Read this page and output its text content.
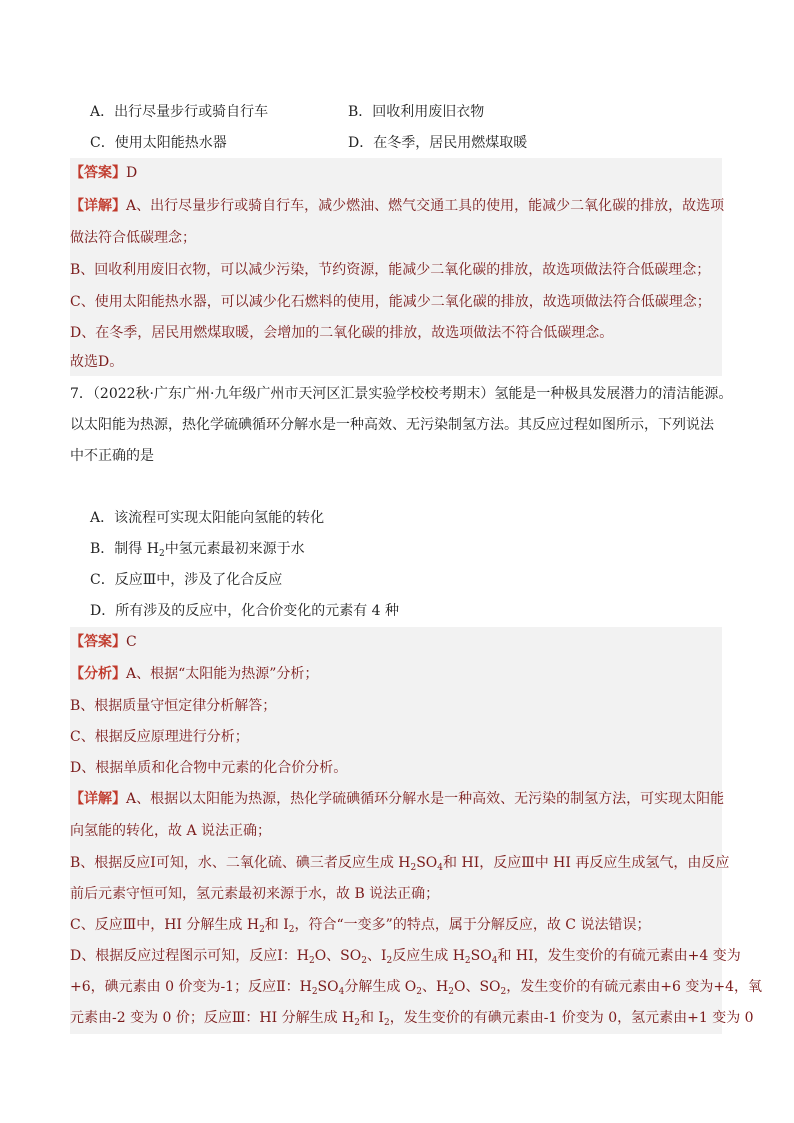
A．出行尽量步行或骑自行车	B．回收利用废旧衣物
C．使用太阳能热水器	D．在冬季，居民用燃煤取暖
【答案】D
【详解】A、出行尽量步行或骑自行车，减少燃油、燃气交通工具的使用，能减少二氧化碳的排放，故选项
做法符合低碳理念；
B、回收利用废旧衣物，可以减少污染，节约资源，能减少二氧化碳的排放，故选项做法符合低碳理念；
C、使用太阳能热水器，可以减少化石燃料的使用，能减少二氧化碳的排放，故选项做法符合低碳理念；
D、在冬季，居民用燃煤取暖，会增加的二氧化碳的排放，故选项做法不符合低碳理念。
故选D。
7．（2022秋·广东广州·九年级广州市天河区汇景实验学校校考期末）氢能是一种极具发展潜力的清洁能源。
以太阳能为热源，热化学硫碘循环分解水是一种高效、无污染制氢方法。其反应过程如图所示，下列说法
中不正确的是
A．该流程可实现太阳能向氢能的转化
B．制得 $H_2$中氢元素最初来源于水
C．反应Ⅲ中，涉及了化合反应
D．所有涉及的反应中，化合价变化的元素有 4 种
【答案】C
【分析】A、根据“太阳能为热源”分析；
B、根据质量守恒定律分析解答；
C、根据反应原理进行分析；
D、根据单质和化合物中元素的化合价分析。
【详解】A、根据以太阳能为热源，热化学硫碘循环分解水是一种高效、无污染的制氢方法，可实现太阳能
向氢能的转化，故 A 说法正确；
B、根据反应Ⅰ可知，水、二氧化硫、碘三者反应生成 $H_2SO_4$和 HI，反应Ⅲ中 HI 再反应生成氢气，由反应
前后元素守恒可知，氢元素最初来源于水，故 B 说法正确；
C、反应Ⅲ中，HI 分解生成 $H_2$和 $I_2$，符合“一变多”的特点，属于分解反应，故 C 说法错误；
D、根据反应过程图示可知，反应Ⅰ：$H_2O$、$SO_2$、$I_2$反应生成 $H_2SO_4$和 HI，发生变价的有硫元素由+4 变为
+6，碘元素由 0 价变为-1；反应Ⅱ：$H_2SO_4$分解生成 $O_2$、$H_2O$、$SO_2$，发生变价的有硫元素由+6 变为+4，氧
元素由-2 变为 0 价；反应Ⅲ：HI 分解生成 $H_2$和 $I_2$，发生变价的有碘元素由-1 价变为 0，氢元素由+1 变为 0
